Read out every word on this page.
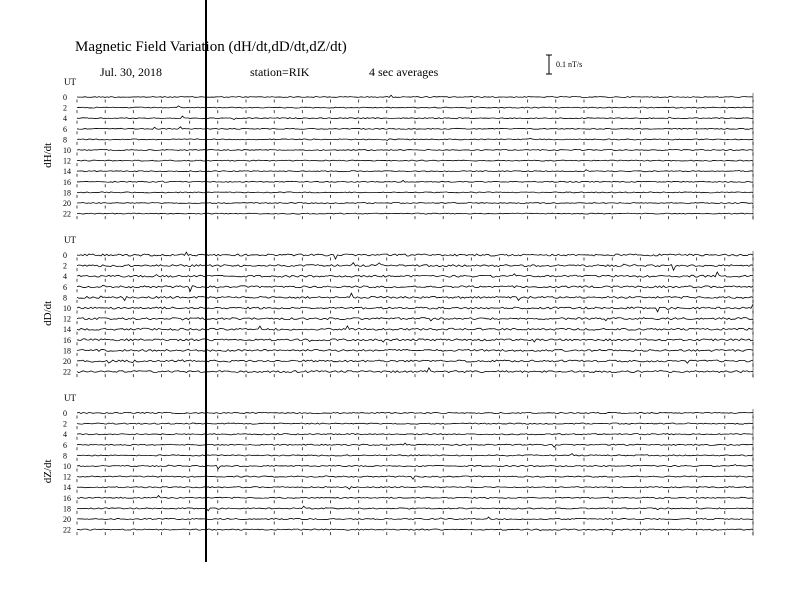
Magnetic Field Variation (dH/dt,dD/dt,dZ/dt)
Jul. 30, 2018	station=RIK	4 sec averages
0.1 nT/s
UT
dH/dt
0
2
4
6
8
10
12
14
16
18
20
22
UT
dD/dt
0
2
4
6
8
10
12
14
16
18
20
22
UT
dZ/dt
0
2
4
6
8
10
12
14
16
18
20
22
